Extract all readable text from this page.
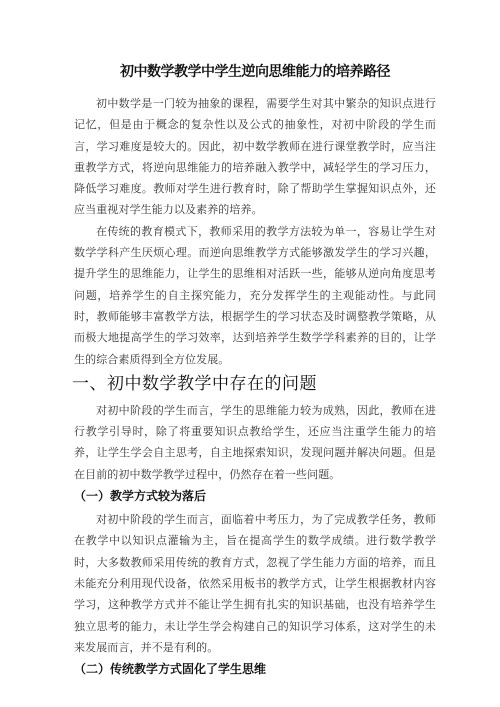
初中数学教学中学生逆向思维能力的培养路径

初中数学是一门较为抽象的课程，需要学生对其中繁杂的知识点进行记忆，但是由于概念的复杂性以及公式的抽象性，对初中阶段的学生而言，学习难度是较大的。因此，初中数学教师在进行课堂教学时，应当注重教学方式，将逆向思维能力的培养融入教学中，减轻学生的学习压力，降低学习难度。教师对学生进行教育时，除了帮助学生掌握知识点外，还应当重视对学生能力以及素养的培养。

在传统的教育模式下，教师采用的教学方法较为单一，容易让学生对数学学科产生厌烦心理。而逆向思维教学方式能够激发学生的学习兴趣，提升学生的思维能力，让学生的思维相对活跃一些，能够从逆向角度思考问题，培养学生的自主探究能力，充分发挥学生的主观能动性。与此同时，教师能够丰富教学方法，根据学生的学习状态及时调整教学策略，从而极大地提高学生的学习效率，达到培养学生数学学科素养的目的，让学生的综合素质得到全方位发展。

一、初中数学教学中存在的问题

对初中阶段的学生而言，学生的思维能力较为成熟，因此，教师在进行教学引导时，除了将重要知识点教给学生，还应当注重学生能力的培养，让学生学会自主思考，自主地探索知识，发现问题并解决问题。但是在目前的初中数学教学过程中，仍然存在着一些问题。

（一）教学方式较为落后

对初中阶段的学生而言，面临着中考压力，为了完成教学任务，教师在教学中以知识点灌输为主，旨在提高学生的数学成绩。进行数学教学时，大多数教师采用传统的教育方式，忽视了学生能力方面的培养，而且未能充分利用现代设备，依然采用板书的教学方式，让学生根据教材内容学习，这种教学方式并不能让学生拥有扎实的知识基础，也没有培养学生独立思考的能力，未让学生学会构建自己的知识学习体系，这对学生的未来发展而言，并不是有利的。

（二）传统教学方式固化了学生思维
